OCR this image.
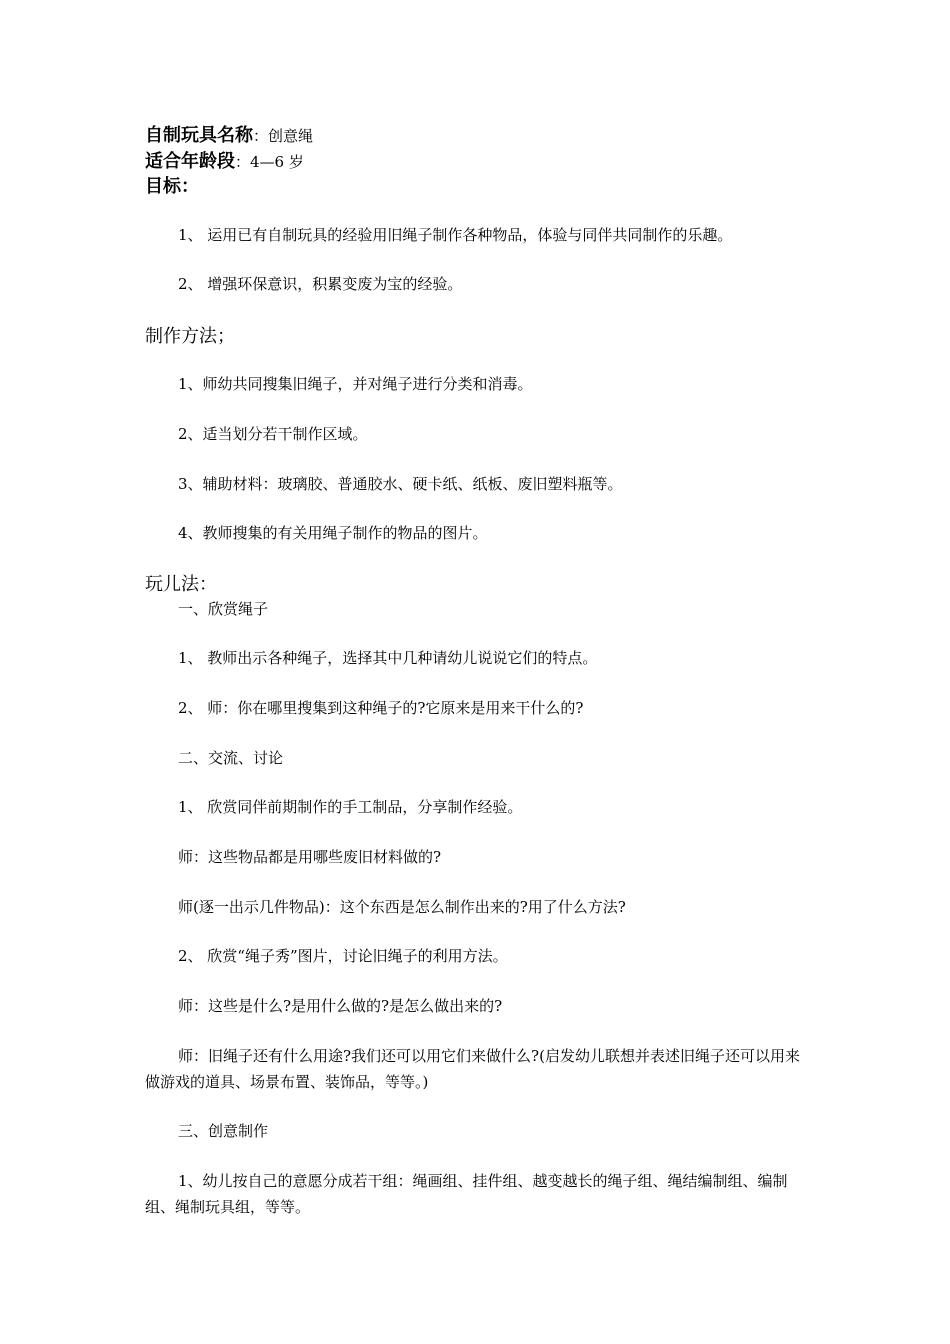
自制玩具名称：创意绳
适合年龄段：4—6 岁
目标：
1、 运用已有自制玩具的经验用旧绳子制作各种物品，体验与同伴共同制作的乐趣。
2、 增强环保意识，积累变废为宝的经验。
制作方法；
1、师幼共同搜集旧绳子，并对绳子进行分类和消毒。
2、适当划分若干制作区域。
3、辅助材料：玻璃胶、普通胶水、硬卡纸、纸板、废旧塑料瓶等。
4、教师搜集的有关用绳子制作的物品的图片。
玩儿法：
一、欣赏绳子
1、 教师出示各种绳子，选择其中几种请幼儿说说它们的特点。
2、 师：你在哪里搜集到这种绳子的?它原来是用来干什么的?
二、交流、讨论
1、 欣赏同伴前期制作的手工制品，分享制作经验。
师：这些物品都是用哪些废旧材料做的?
师(逐一出示几件物品)：这个东西是怎么制作出来的?用了什么方法?
2、 欣赏“绳子秀”图片，讨论旧绳子的利用方法。
师：这些是什么?是用什么做的?是怎么做出来的?
师：旧绳子还有什么用途?我们还可以用它们来做什么?(启发幼儿联想并表述旧绳子还可以用来做游戏的道具、场景布置、装饰品，等等。)
三、创意制作
1、幼儿按自己的意愿分成若干组：绳画组、挂件组、越变越长的绳子组、绳结编制组、编制组、绳制玩具组，等等。
